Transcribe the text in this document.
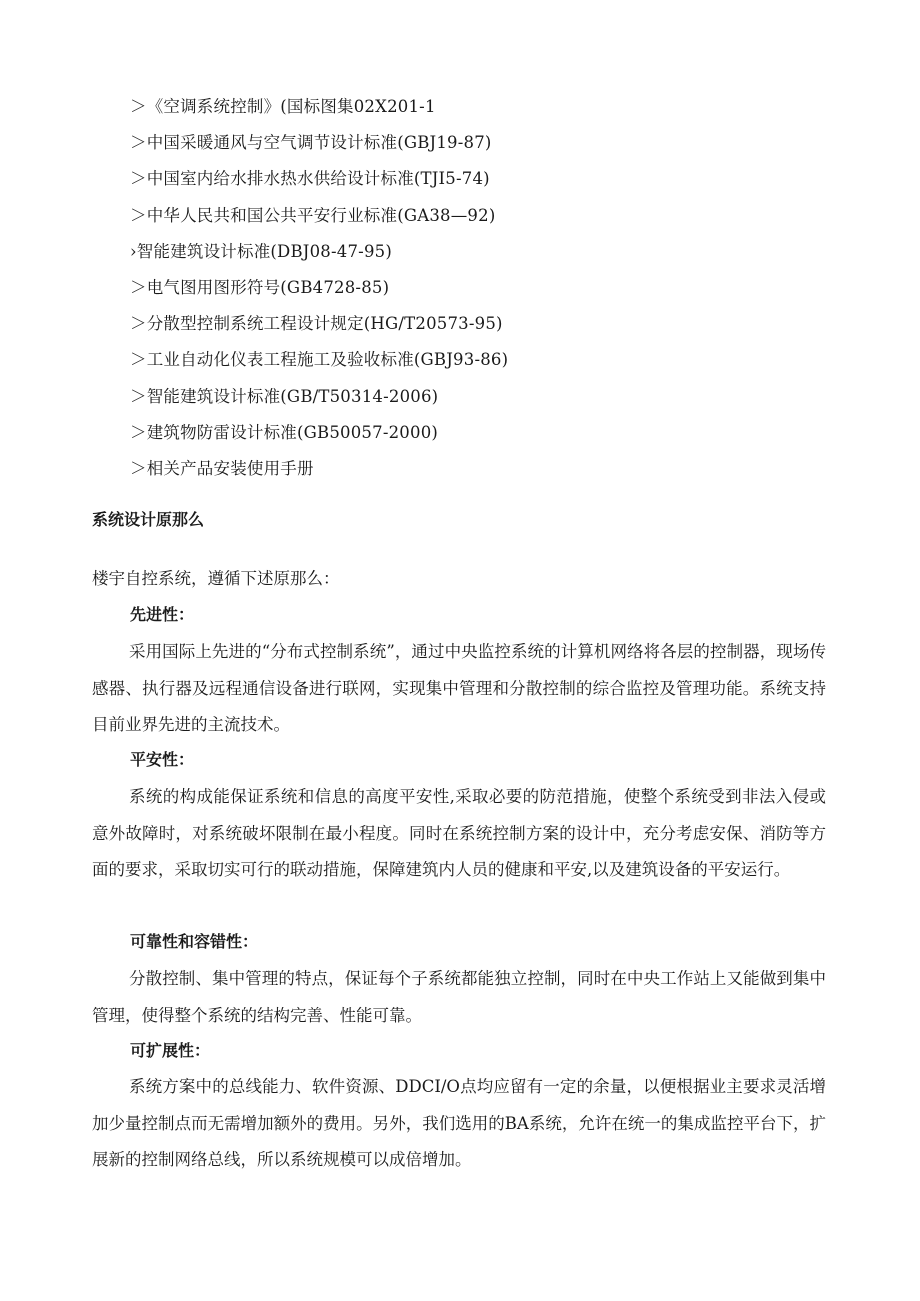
＞《空调系统控制》(国标图集02X201-1
＞中国采暖通风与空气调节设计标准(GBJ19-87)
＞中国室内给水排水热水供给设计标准(TJI5-74)
＞中华人民共和国公共平安行业标准(GA38—92)
›智能建筑设计标准(DBJ08-47-95)
＞电气图用图形符号(GB4728-85)
＞分散型控制系统工程设计规定(HG/T20573-95)
＞工业自动化仪表工程施工及验收标准(GBJ93-86)
＞智能建筑设计标准(GB/T50314-2006)
＞建筑物防雷设计标准(GB50057-2000)
＞相关产品安装使用手册
系统设计原那么
楼宇自控系统，遵循下述原那么：
先进性：

采用国际上先进的“分布式控制系统”，通过中央监控系统的计算机网络将各层的控制器，现场传感器、执行器及远程通信设备进行联网，实现集中管理和分散控制的综合监控及管理功能。系统支持目前业界先进的主流技术。

平安性：

系统的构成能保证系统和信息的高度平安性,采取必要的防范措施，使整个系统受到非法入侵或意外故障时，对系统破坏限制在最小程度。同时在系统控制方案的设计中，充分考虑安保、消防等方面的要求，采取切实可行的联动措施，保障建筑内人员的健康和平安,以及建筑设备的平安运行。

可靠性和容错性：

分散控制、集中管理的特点，保证每个子系统都能独立控制，同时在中央工作站上又能做到集中管理，使得整个系统的结构完善、性能可靠。

可扩展性：

系统方案中的总线能力、软件资源、DDCI/O点均应留有一定的余量，以便根据业主要求灵活增加少量控制点而无需增加额外的费用。另外，我们选用的BA系统，允许在统一的集成监控平台下，扩展新的控制网络总线，所以系统规模可以成倍增加。
